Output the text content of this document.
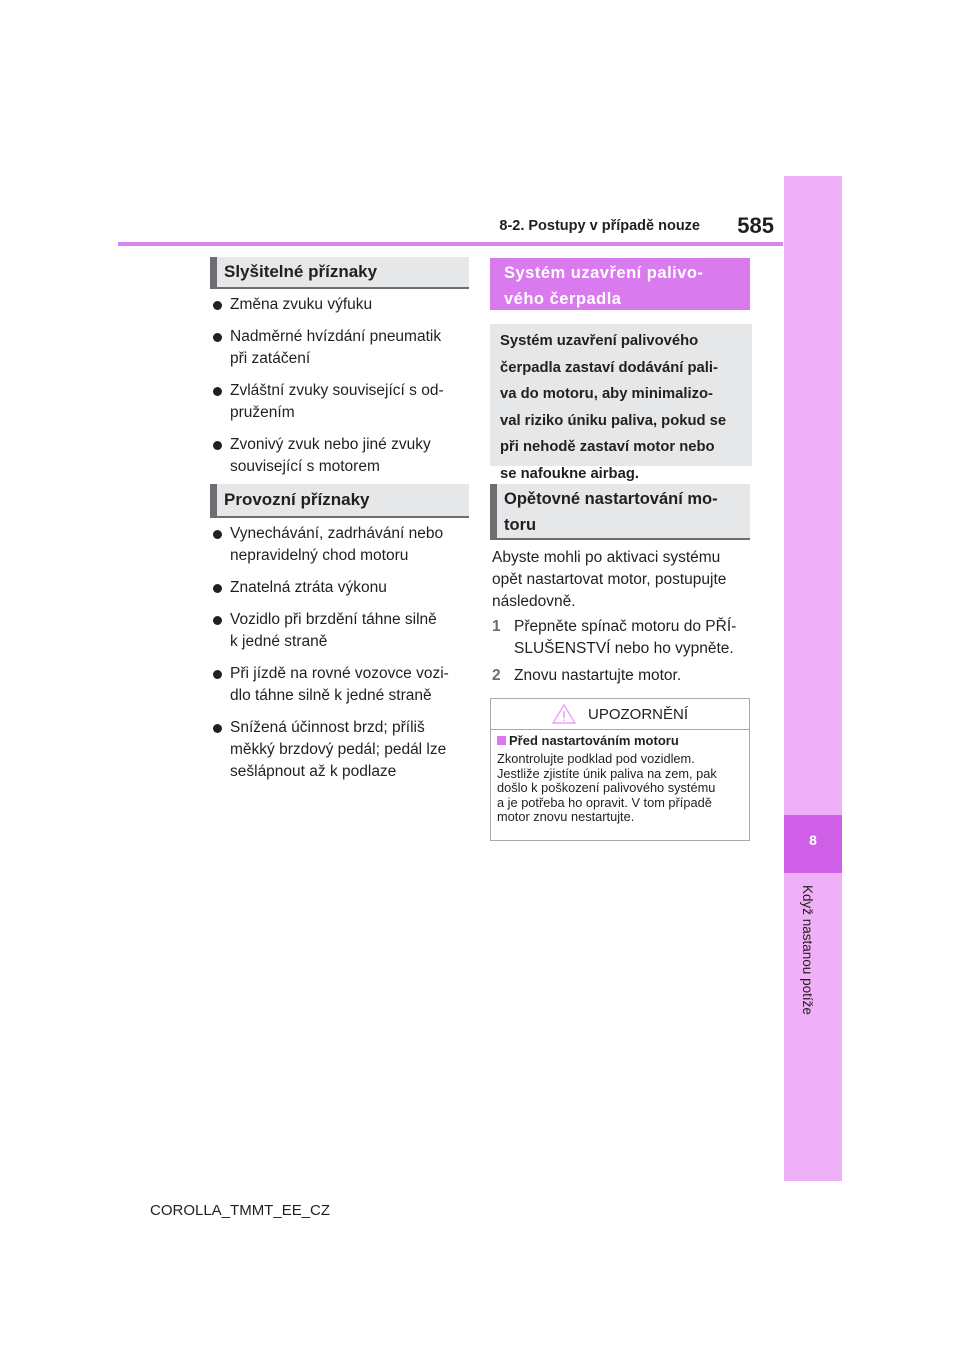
8-2. Postupy v případě nouze	585
8
Když nastanou potíže
Slyšitelné příznaky
Změna zvuku výfuku
Nadměrné hvízdání pneumatik
při zatáčení
Zvláštní zvuky související s od-
pružením
Zvonivý zvuk nebo jiné zvuky
související s motorem
Provozní příznaky
Vynechávání, zadrhávání nebo
nepravidelný chod motoru
Znatelná ztráta výkonu
Vozidlo při brzdění táhne silně
k jedné straně
Při jízdě na rovné vozovce vozi-
dlo táhne silně k jedné straně
Snížená účinnost brzd; příliš
měkký brzdový pedál; pedál lze
sešlápnout až k podlaze
Systém uzavření palivo-
vého čerpadla
Systém uzavření palivového
čerpadla zastaví dodávání pali-
va do motoru, aby minimalizo-
val riziko úniku paliva, pokud se
při nehodě zastaví motor nebo
se nafoukne airbag.
Opětovné nastartování mo-
toru
Abyste mohli po aktivaci systému
opět nastartovat motor, postupujte
následovně.
1 Přepněte spínač motoru do PŘÍ-
SLUŠENSTVÍ nebo ho vypněte.
2 Znovu nastartujte motor.
UPOZORNĚNÍ
Před nastartováním motoru
Zkontrolujte podklad pod vozidlem.
Jestliže zjistíte únik paliva na zem, pak
došlo k poškození palivového systému
a je potřeba ho opravit. V tom případě
motor znovu nestartujte.
COROLLA_TMMT_EE_CZ
